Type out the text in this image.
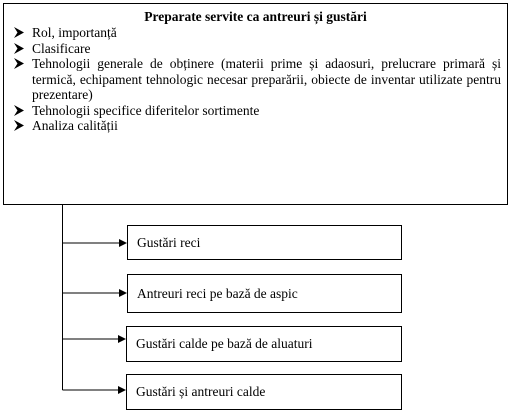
Preparate servite ca antreuri și gustări

Rol, importanță
Clasificare
Tehnologii generale de obținere (materii prime și adaosuri, prelucrare primară și termică, echipament tehnologic necesar preparării, obiecte de inventar utilizate pentru prezentare)
Tehnologii specifice diferitelor sortimente
Analiza calității
Gustări reci
Antreuri reci pe bază de aspic
Gustări calde pe bază de aluaturi
Gustări și antreuri calde
